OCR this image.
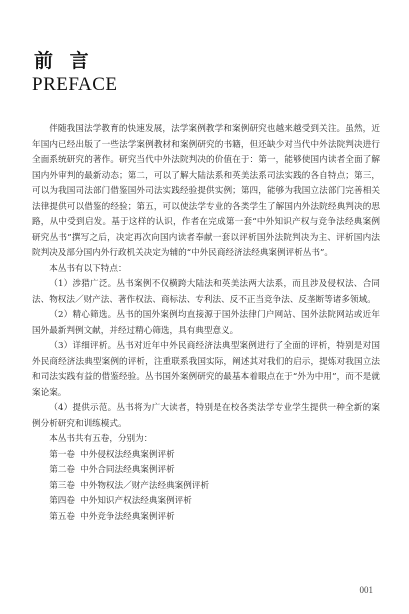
前 言
PREFACE

伴随我国法学教育的快速发展，法学案例教学和案例研究也越来越受到关注。虽然，近年国内已经出版了一些法学案例教材和案例研究的书籍，但还缺少对当代中外法院判决进行全面系统研究的著作。研究当代中外法院判决的价值在于：第一，能够使国内读者全面了解国内外审判的最新动态；第二，可以了解大陆法系和英美法系司法实践的各自特点；第三，可以为我国司法部门借鉴国外司法实践经验提供实例；第四，能够为我国立法部门完善相关法律提供可以借鉴的经验；第五，可以使法学专业的各类学生了解国内外法院经典判决的思路，从中受到启发。基于这样的认识，作者在完成第一套“中外知识产权与竞争法经典案例研究丛书”撰写之后，决定再次向国内读者奉献一套以评析国外法院判决为主、评析国内法院判决及部分国内外行政机关决定为辅的“中外民商经济法经典案例评析丛书”。

本丛书有以下特点：

（1）涉猎广泛。丛书案例不仅横跨大陆法和英美法两大法系，而且涉及侵权法、合同法、物权法／财产法、著作权法、商标法、专利法、反不正当竞争法、反垄断等诸多领域。

（2）精心筛选。丛书的国外案例均直接源于国外法律门户网站、国外法院网站或近年国外最新判例文献，并经过精心筛选，具有典型意义。

（3）详细评析。丛书对近年中外民商经济法典型案例进行了全面的评析，特别是对国外民商经济法典型案例的评析，注重联系我国实际，阐述其对我们的启示，提炼对我国立法和司法实践有益的借鉴经验。丛书国外案例研究的最基本着眼点在于“外为中用”，而不是就案论案。

（4）提供示范。丛书将为广大读者，特别是在校各类法学专业学生提供一种全新的案例分析研究和训练模式。

本丛书共有五卷，分别为：

第一卷 中外侵权法经典案例评析
第二卷 中外合同法经典案例评析
第三卷 中外物权法／财产法经典案例评析
第四卷 中外知识产权法经典案例评析
第五卷 中外竞争法经典案例评析
001
